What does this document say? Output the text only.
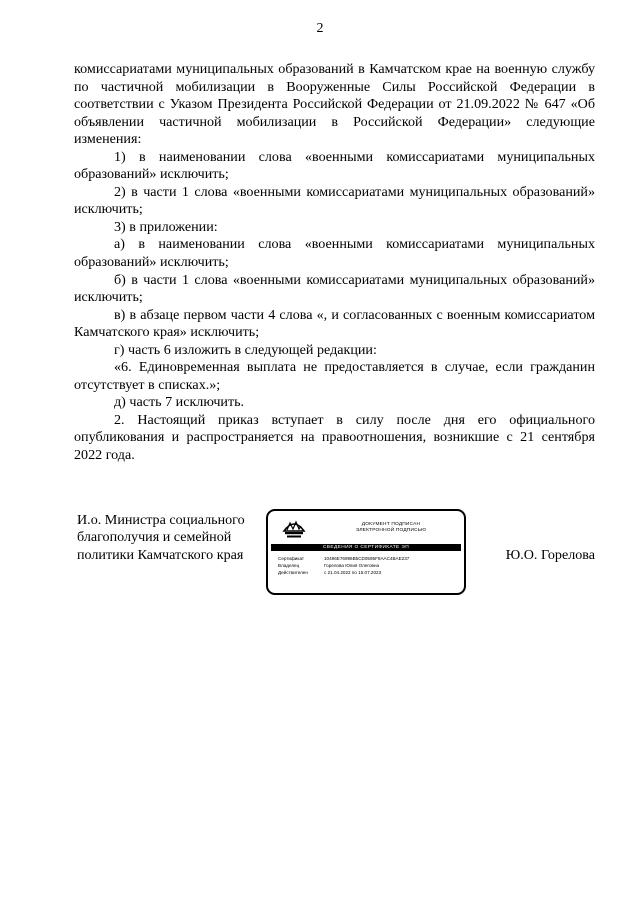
2

комиссариатами муниципальных образований в Камчатском крае на военную службу по частичной мобилизации в Вооруженные Силы Российской Федерации в соответствии с Указом Президента Российской Федерации от 21.09.2022 № 647 «Об объявлении частичной мобилизации в Российской Федерации» следующие изменения:

1) в наименовании слова «военными комиссариатами муниципальных образований» исключить;

2) в части 1 слова «военными комиссариатами муниципальных образований» исключить;

3) в приложении:

а) в наименовании слова «военными комиссариатами муниципальных образований» исключить;

б) в части 1 слова «военными комиссариатами муниципальных образований» исключить;

в) в абзаце первом части 4 слова «, и согласованных с военным комиссариатом Камчатского края» исключить;

г) часть 6 изложить в следующей редакции:

«6. Единовременная выплата не предоставляется в случае, если гражданин отсутствует в списках.»;

д) часть 7 исключить.

2. Настоящий приказ вступает в силу после дня его официального опубликования и распространяется на правоотношения, возникшие с 21 сентября 2022 года.

И.о. Министра социального
благополучия и семейной
политики Камчатского края
ДОКУМЕНТ ПОДПИСАН
ЭЛЕКТРОННОЙ ПОДПИСЬЮ
СВЕДЕНИЯ О СЕРТИФИКАТЕ ЭП
Сертификат	10496E76996B5CD0595F9AAC4BAE237
Владелец	Горелова Юлия Олеговна
Действителен	с 21.04.2022 по 15.07.2023
Ю.О. Горелова
